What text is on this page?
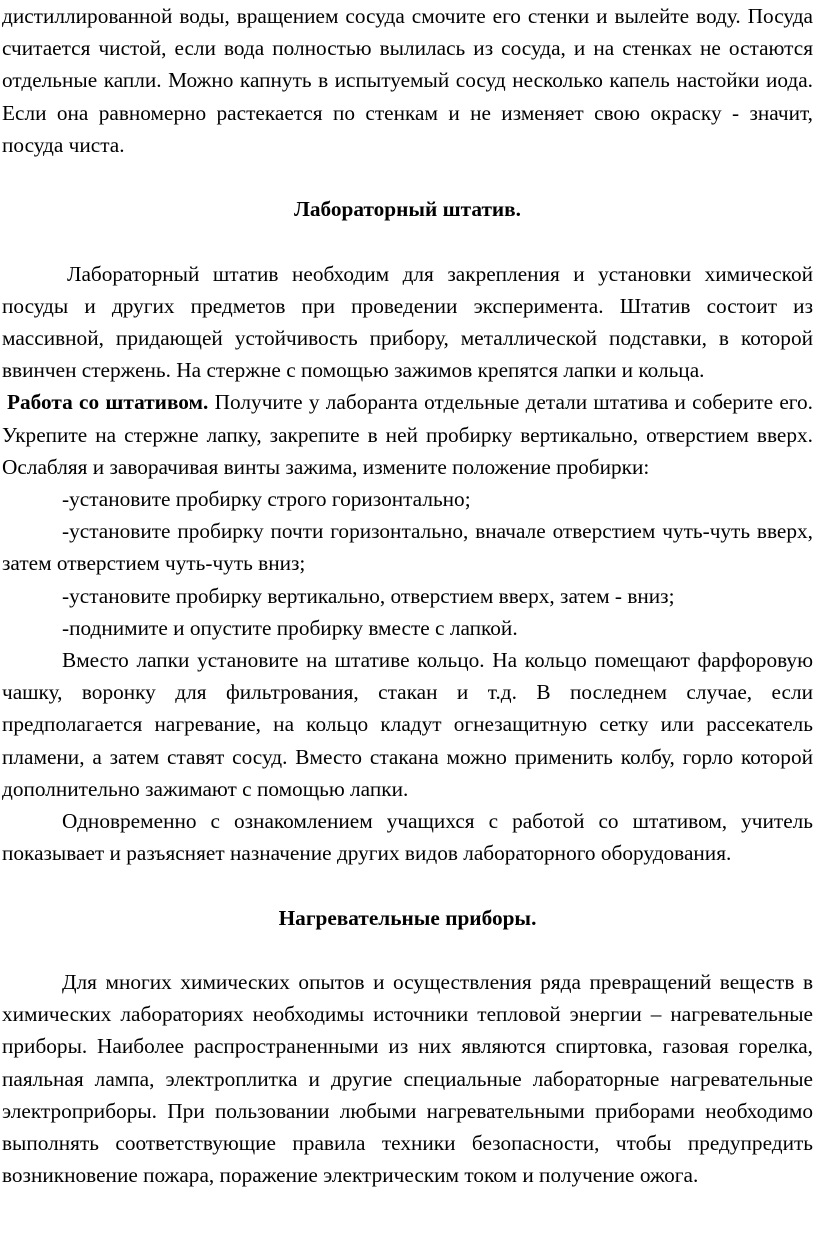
дистиллированной воды, вращением сосуда смочите его стенки и вылейте воду. Посуда считается чистой, если вода полностью вылилась из сосуда, и на стенках не остаются отдельные капли. Можно капнуть в испытуемый сосуд несколько капель настойки иода. Если она равномерно растекается по стенкам и не изменяет свою окраску - значит, посуда чиста.

Лабораторный штатив.

Лабораторный штатив необходим для закрепления и установки химической посуды и других предметов при проведении эксперимента. Штатив состоит из массивной, придающей устойчивость прибору, металлической подставки, в которой ввинчен стержень. На стержне с помощью зажимов крепятся лапки и кольца.

Работа со штативом. Получите у лаборанта отдельные детали штатива и соберите его. Укрепите на стержне лапку, закрепите в ней пробирку вертикально, отверстием вверх. Ослабляя и заворачивая винты зажима, измените положение пробирки:

-установите пробирку строго горизонтально;

-установите пробирку почти горизонтально, вначале отверстием чуть-чуть вверх, затем отверстием чуть-чуть вниз;

-установите пробирку вертикально, отверстием вверх, затем - вниз;

-поднимите и опустите пробирку вместе с лапкой.

Вместо лапки установите на штативе кольцо. На кольцо помещают фарфоровую чашку, воронку для фильтрования, стакан и т.д. В последнем случае, если предполагается нагревание, на кольцо кладут огнезащитную сетку или рассекатель пламени, а затем ставят сосуд. Вместо стакана можно применить колбу, горло которой дополнительно зажимают с помощью лапки.

Одновременно с ознакомлением учащихся с работой со штативом, учитель показывает и разъясняет назначение других видов лабораторного оборудования.

Нагревательные приборы.

Для многих химических опытов и осуществления ряда превращений веществ в химических лабораториях необходимы источники тепловой энергии – нагревательные приборы. Наиболее распространенными из них являются спиртовка, газовая горелка, паяльная лампа, электроплитка и другие специальные лабораторные нагревательные электроприборы. При пользовании любыми нагревательными приборами необходимо выполнять соответствующие правила техники безопасности, чтобы предупредить возникновение пожара, поражение электрическим током и получение ожога.
